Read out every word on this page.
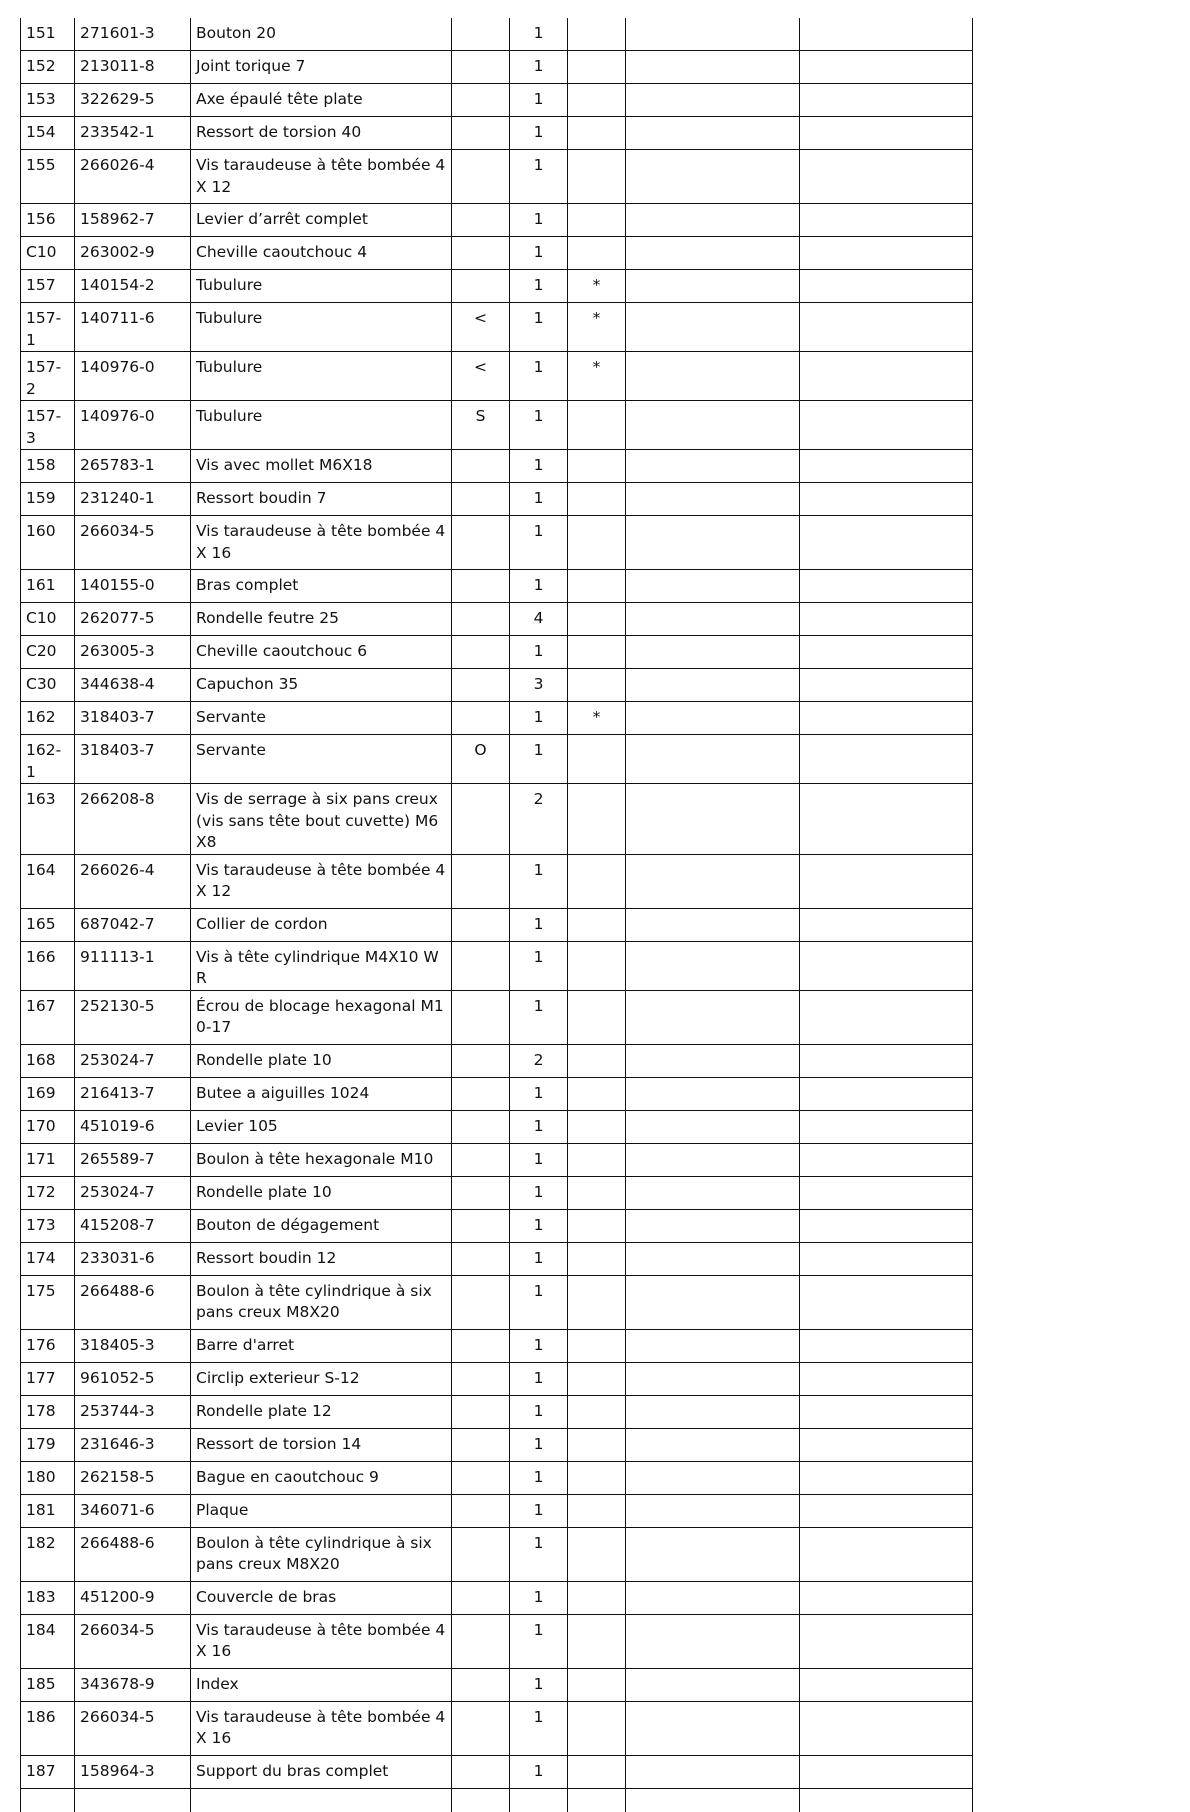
151	271601-3	Bouton 20		1			
152	213011-8	Joint torique 7		1			
153	322629-5	Axe épaulé tête plate		1			
154	233542-1	Ressort de torsion 40		1			
155	266026-4	Vis taraudeuse à tête bombée 4X 12		1			
156	158962-7	Levier d’arrêt complet		1			
C10	263002-9	Cheville caoutchouc 4		1			
157	140154-2	Tubulure		1	*		
157-1	140711-6	Tubulure	<	1	*		
157-2	140976-0	Tubulure	<	1	*		
157-3	140976-0	Tubulure	S	1			
158	265783-1	Vis avec mollet M6X18		1			
159	231240-1	Ressort boudin 7		1			
160	266034-5	Vis taraudeuse à tête bombée 4X 16		1			
161	140155-0	Bras complet		1			
C10	262077-5	Rondelle feutre 25		4			
C20	263005-3	Cheville caoutchouc 6		1			
C30	344638-4	Capuchon 35		3			
162	318403-7	Servante		1	*		
162-1	318403-7	Servante	O	1			
163	266208-8	Vis de serrage à six pans creux (vis sans tête bout cuvette) M6X8		2			
164	266026-4	Vis taraudeuse à tête bombée 4X 12		1			
165	687042-7	Collier de cordon		1			
166	911113-1	Vis à tête cylindrique M4X10 WR		1			
167	252130-5	Écrou de blocage hexagonal M10-17		1			
168	253024-7	Rondelle plate 10		2			
169	216413-7	Butee a aiguilles 1024		1			
170	451019-6	Levier 105		1			
171	265589-7	Boulon à tête hexagonale M10		1			
172	253024-7	Rondelle plate 10		1			
173	415208-7	Bouton de dégagement		1			
174	233031-6	Ressort boudin 12		1			
175	266488-6	Boulon à tête cylindrique à six pans creux M8X20		1			
176	318405-3	Barre d'arret		1			
177	961052-5	Circlip exterieur S-12		1			
178	253744-3	Rondelle plate 12		1			
179	231646-3	Ressort de torsion 14		1			
180	262158-5	Bague en caoutchouc 9		1			
181	346071-6	Plaque		1			
182	266488-6	Boulon à tête cylindrique à six pans creux M8X20		1			
183	451200-9	Couvercle de bras		1			
184	266034-5	Vis taraudeuse à tête bombée 4X 16		1			
185	343678-9	Index		1			
186	266034-5	Vis taraudeuse à tête bombée 4X 16		1			
187	158964-3	Support du bras complet		1			
